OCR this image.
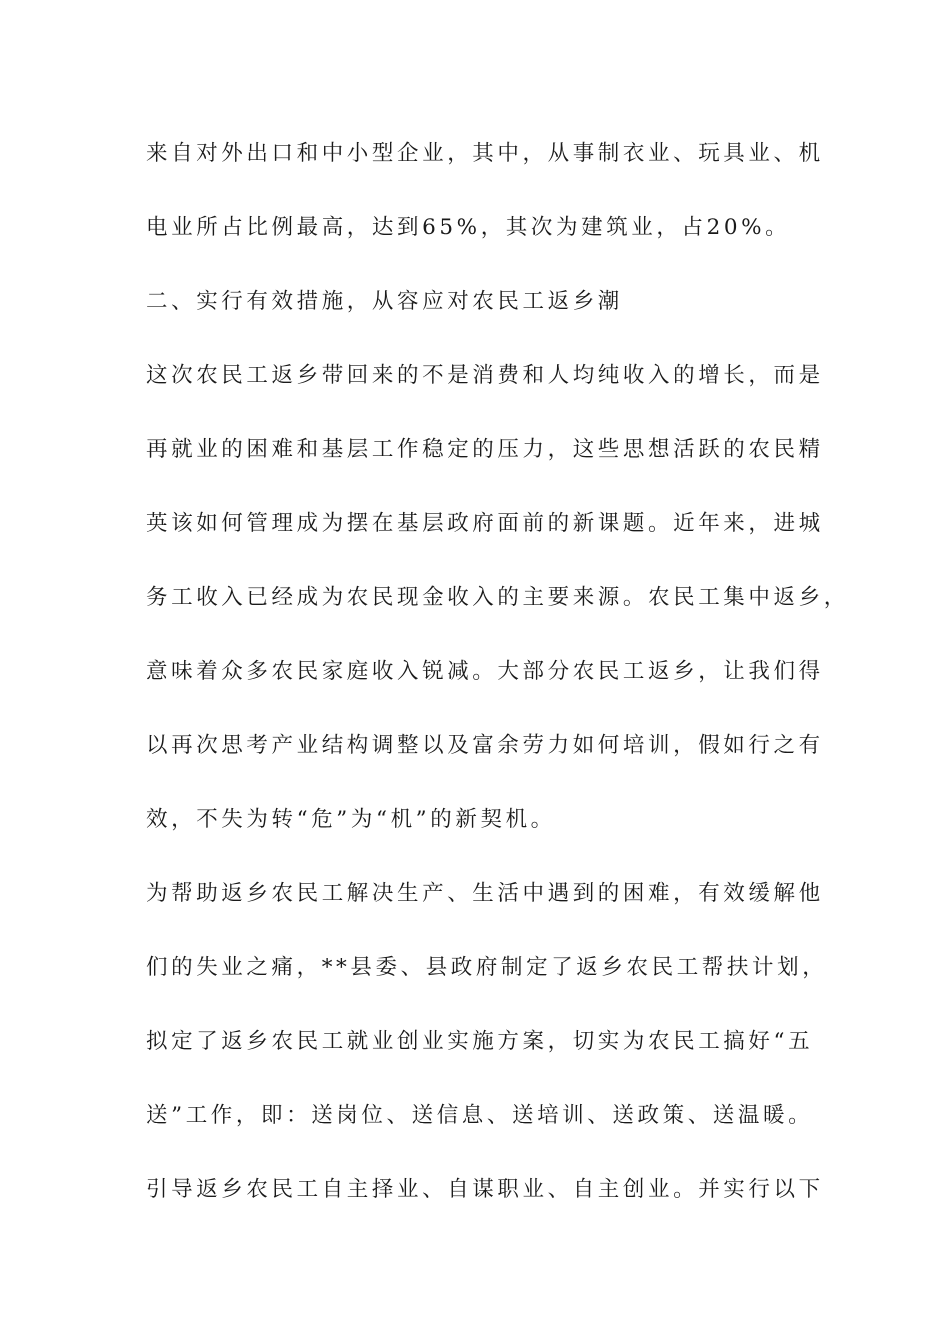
来自对外出口和中小型企业，其中，从事制衣业、玩具业、机
电业所占比例最高，达到65%，其次为建筑业，占20%。
二、实行有效措施，从容应对农民工返乡潮
这次农民工返乡带回来的不是消费和人均纯收入的增长，而是
再就业的困难和基层工作稳定的压力，这些思想活跃的农民精
英该如何管理成为摆在基层政府面前的新课题。近年来，进城
务工收入已经成为农民现金收入的主要来源。农民工集中返乡，
意味着众多农民家庭收入锐减。大部分农民工返乡，让我们得
以再次思考产业结构调整以及富余劳力如何培训，假如行之有
效，不失为转“危”为“机”的新契机。
为帮助返乡农民工解决生产、生活中遇到的困难，有效缓解他
们的失业之痛，**县委、县政府制定了返乡农民工帮扶计划，
拟定了返乡农民工就业创业实施方案，切实为农民工搞好“五
送”工作，即：送岗位、送信息、送培训、送政策、送温暖。
引导返乡农民工自主择业、自谋职业、自主创业。并实行以下
